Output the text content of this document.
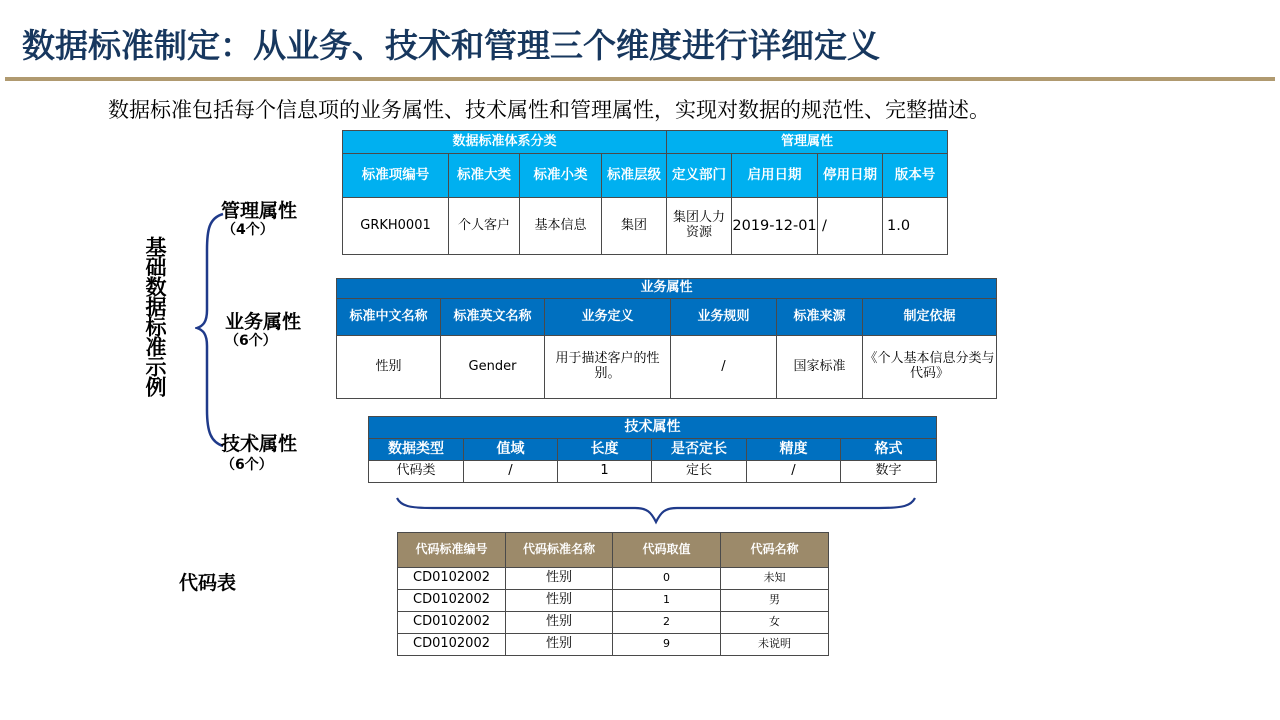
数据标准制定：从业务、技术和管理三个维度进行详细定义
数据标准包括每个信息项的业务属性、技术属性和管理属性，实现对数据的规范性、完整描述。
基础数据标准示例
管理属性
（4个）
业务属性
（6个）
技术属性
（6个）
代码表
数据标准体系分类				管理属性			
标准项编号	标准大类	标准小类	标准层级	定义部门	启用日期	停用日期	版本号
GRKH0001	个人客户	基本信息	集团	集团人力资源	2019-12-01	/	1.0
业务属性					
标准中文名称	标准英文名称	业务定义	业务规则	标准来源	制定依据
性别	Gender	用于描述客户的性别。	/	国家标准	《个人基本信息分类与代码》
技术属性					
数据类型	值域	长度	是否定长	精度	格式
代码类	/	1	定长	/	数字
代码标准编号	代码标准名称	代码取值	代码名称
CD0102002	性别	0	未知
CD0102002	性别	1	男
CD0102002	性别	2	女
CD0102002	性别	9	未说明
